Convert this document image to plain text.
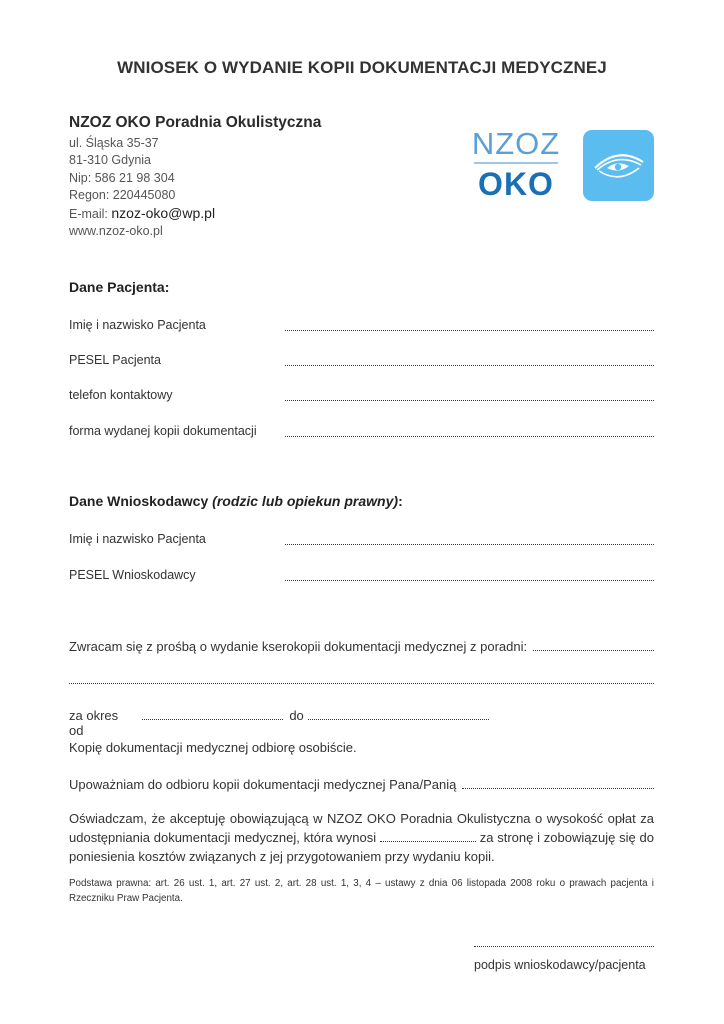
WNIOSEK O WYDANIE KOPII DOKUMENTACJI MEDYCZNEJ
NZOZ OKO Poradnia Okulistyczna
ul. Śląska 35-37
81-310 Gdynia
Nip: 586 21 98 304
Regon: 220445080
E-mail: nzoz-oko@wp.pl
www.nzoz-oko.pl
NZOZ
OKO
Dane Pacjenta:
Imię i nazwisko Pacjenta
PESEL Pacjenta
telefon kontaktowy
forma wydanej kopii dokumentacji
Dane Wnioskodawcy (rodzic lub opiekun prawny):
Imię i nazwisko Pacjenta
PESEL Wnioskodawcy
Zwracam się z prośbą o wydanie kserokopii dokumentacji medycznej z poradni:
za okres od
do
Kopię dokumentacji medycznej odbiorę osobiście.
Upoważniam do odbioru kopii dokumentacji medycznej Pana/Panią
Oświadczam, że akceptuję obowiązującą w NZOZ OKO Poradnia Okulistyczna o wysokość opłat za udostępniania dokumentacji medycznej, która wynosi	za stronę i zobowiązuję się do poniesienia kosztów związanych z jej przygotowaniem przy wydaniu kopii.
Podstawa prawna: art. 26 ust. 1, art. 27 ust. 2, art. 28 ust. 1, 3, 4 – ustawy z dnia 06 listopada 2008 roku o prawach pacjenta i Rzeczniku Praw Pacjenta.
podpis wnioskodawcy/pacjenta
